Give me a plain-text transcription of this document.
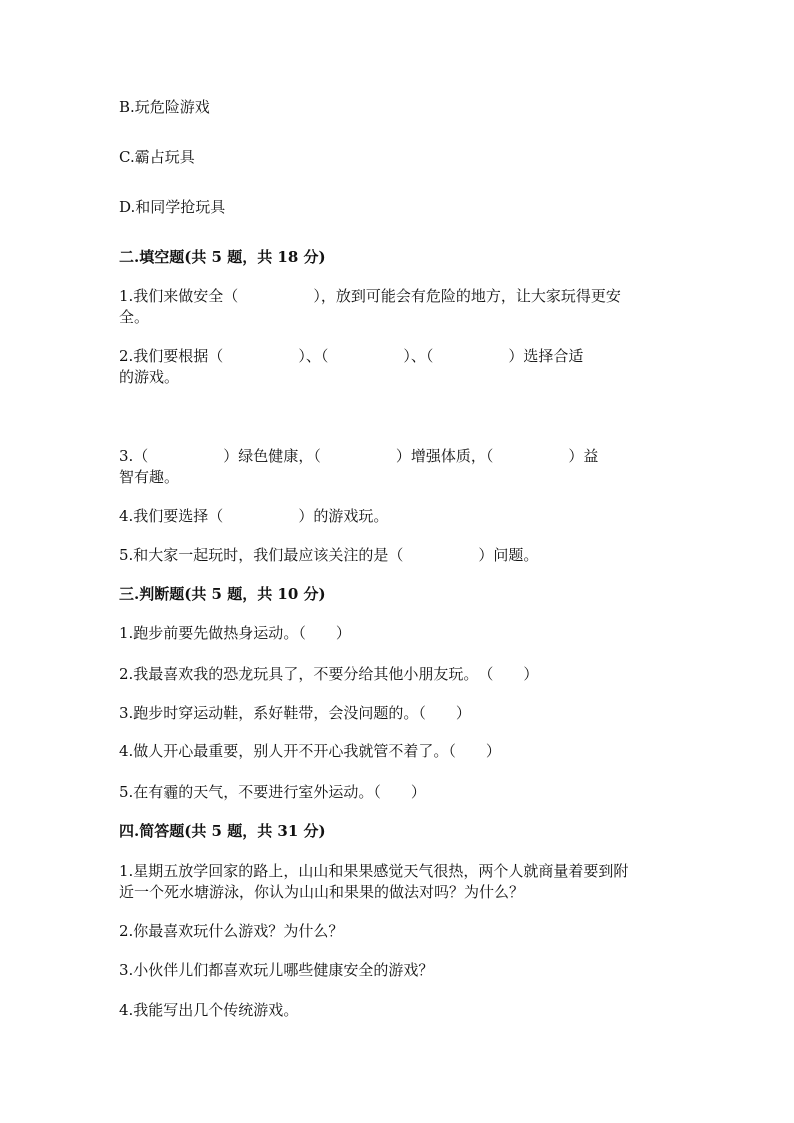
B.玩危险游戏
C.霸占玩具
D.和同学抢玩具
二.填空题(共 5 题，共 18 分)
1.我们来做安全（　　　　　），放到可能会有危险的地方，让大家玩得更安
全。
2.我们要根据（　　　　　）、（　　　　　）、（　　　　　）选择合适
的游戏。
3.（　　　　　）绿色健康，（　　　　　）增强体质，（　　　　　）益
智有趣。
4.我们要选择（　　　　　）的游戏玩。
5.和大家一起玩时，我们最应该关注的是（　　　　　）问题。
三.判断题(共 5 题，共 10 分)
1.跑步前要先做热身运动。（　　）
2.我最喜欢我的恐龙玩具了，不要分给其他小朋友玩。　（　　）
3.跑步时穿运动鞋，系好鞋带，会没问题的。（　　）
4.做人开心最重要，别人开不开心我就管不着了。（　　）
5.在有霾的天气，不要进行室外运动。（　　）
四.简答题(共 5 题，共 31 分)
1.星期五放学回家的路上，山山和果果感觉天气很热，两个人就商量着要到附
近一个死水塘游泳，你认为山山和果果的做法对吗？为什么？
2.你最喜欢玩什么游戏？为什么？
3.小伙伴儿们都喜欢玩儿哪些健康安全的游戏？
4.我能写出几个传统游戏。
